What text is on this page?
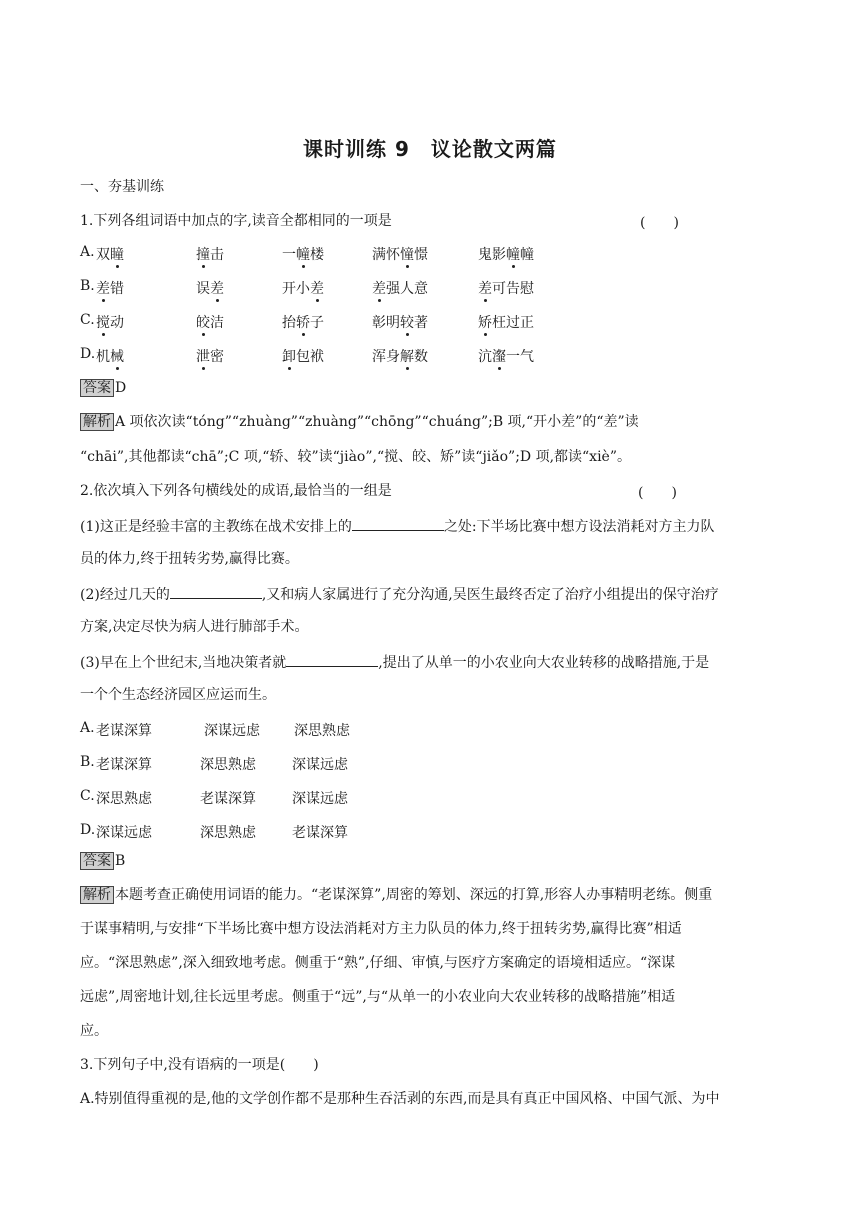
课时训练 9　议论散文两篇
一、夯基训练
1.下列各组词语中加点的字,读音全都相同的一项是	(　　)
A. 双瞳	撞击	一幢楼	满怀憧憬	鬼影幢幢
B. 差错	误差	开小差	差强人意	差可告慰
C. 搅动	皎洁	抬轿子	彰明较著	矫枉过正
D. 机械	泄密	卸包袱	浑身解数	沆瀣一气
答案 D
解析 A 项依次读“tóng”“zhuàng”“zhuàng”“chōng”“chuáng”;B 项,“开小差”的“差”读
“chāi”,其他都读“chā”;C 项,“轿、较”读“jiào”,“搅、皎、矫”读“jiǎo”;D 项,都读“xiè”。
2.依次填入下列各句横线处的成语,最恰当的一组是	(　　)
(1)这正是经验丰富的主教练在战术安排上的	之处:下半场比赛中想方设法消耗对方主力队
员的体力,终于扭转劣势,赢得比赛。
(2)经过几天的	,又和病人家属进行了充分沟通,吴医生最终否定了治疗小组提出的保守治疗
方案,决定尽快为病人进行肺部手术。
(3)早在上个世纪末,当地决策者就	,提出了从单一的小农业向大农业转移的战略措施,于是
一个个生态经济园区应运而生。
A. 老谋深算	深谋远虑 深思熟虑
B. 老谋深算	深思熟虑	深谋远虑
C. 深思熟虑	老谋深算	深谋远虑
D. 深谋远虑	深思熟虑	老谋深算
答案 B
解析 本题考查正确使用词语的能力。“老谋深算”,周密的筹划、深远的打算,形容人办事精明老练。侧重
于谋事精明,与安排“下半场比赛中想方设法消耗对方主力队员的体力,终于扭转劣势,赢得比赛”相适
应。“深思熟虑”,深入细致地考虑。侧重于“熟”,仔细、审慎,与医疗方案确定的语境相适应。“深谋
远虑”,周密地计划,往长远里考虑。侧重于“远”,与“从单一的小农业向大农业转移的战略措施”相适
应。
3.下列句子中,没有语病的一项是(　　)
A.特别值得重视的是,他的文学创作都不是那种生吞活剥的东西,而是具有真正中国风格、中国气派、为中
